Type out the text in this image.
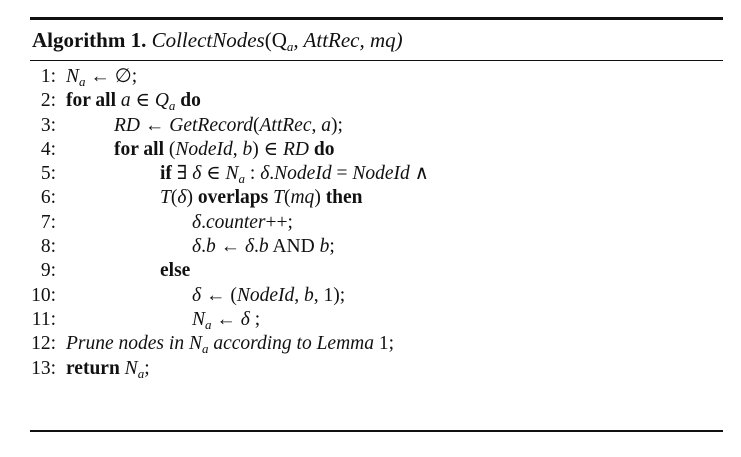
Algorithm 1. $CollectNodes(Q_a$, AttRec, mq)
1: $N_a$ ← ∅;
2: for all a ∈ $Q_a$ do
3:	RD ← GetRecord(AttRec, a);
4:	for all (NodeId, b) ∈ RD do
5:	if ∃ δ ∈ $N_a$ : δ.NodeId = NodeId ∧
6:	T(δ) overlaps T(mq) then
7:	δ.counter++;
8:	δ.b ← δ.b AND b;
9:	else
10:	δ ← (NodeId, b, 1);
11:	$N_a$ ← δ ;
12: Prune nodes in $N_a$ according to Lemma 1;
13: return $N_a$;
